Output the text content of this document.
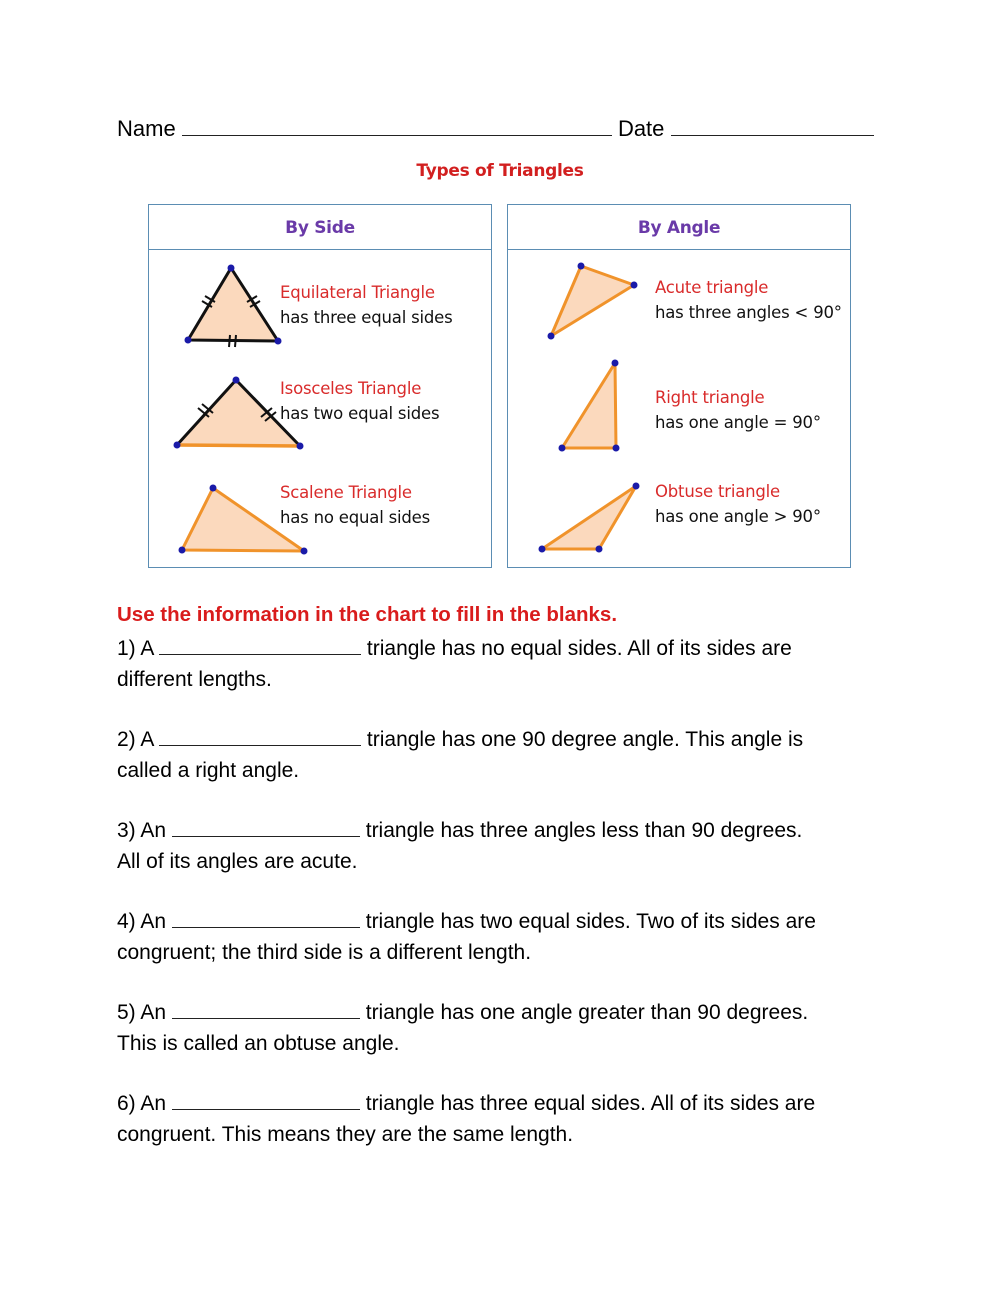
Name	Date
Types of Triangles
By Side
Equilateral Triangle
has three equal sides
Isosceles Triangle
has two equal sides
Scalene Triangle
has no equal sides
By Angle
Acute triangle
has three angles < 90°
Right triangle
has one angle = 90°
Obtuse triangle
has one angle > 90°
Use the information in the chart to fill in the blanks.
1) A	triangle has no equal sides. All of its sides are
different lengths.
2) A	triangle has one 90 degree angle. This angle is
called a right angle.
3) An	triangle has three angles less than 90 degrees.
All of its angles are acute.
4) An	triangle has two equal sides. Two of its sides are
congruent; the third side is a different length.
5) An	triangle has one angle greater than 90 degrees.
This is called an obtuse angle.
6) An	triangle has three equal sides. All of its sides are
congruent. This means they are the same length.
